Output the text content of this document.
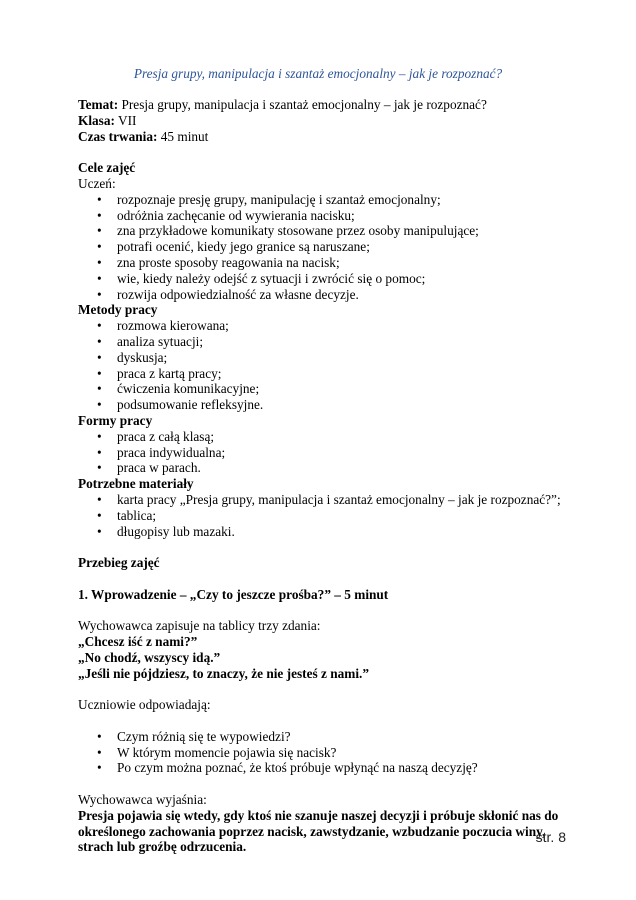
Presja grupy, manipulacja i szantaż emocjonalny – jak je rozpoznać?

Temat: Presja grupy, manipulacja i szantaż emocjonalny – jak je rozpoznać?

Klasa: VII

Czas trwania: 45 minut

Cele zajęć

Uczeń:

• rozpoznaje presję grupy, manipulację i szantaż emocjonalny;
• odróżnia zachęcanie od wywierania nacisku;
• zna przykładowe komunikaty stosowane przez osoby manipulujące;
• potrafi ocenić, kiedy jego granice są naruszane;
• zna proste sposoby reagowania na nacisk;
• wie, kiedy należy odejść z sytuacji i zwrócić się o pomoc;
• rozwija odpowiedzialność za własne decyzje.

Metody pracy

• rozmowa kierowana;
• analiza sytuacji;
• dyskusja;
• praca z kartą pracy;
• ćwiczenia komunikacyjne;
• podsumowanie refleksyjne.

Formy pracy

• praca z całą klasą;
• praca indywidualna;
• praca w parach.

Potrzebne materiały

• karta pracy „Presja grupy, manipulacja i szantaż emocjonalny – jak je rozpoznać?”;
• tablica;
• długopisy lub mazaki.

Przebieg zajęć

1. Wprowadzenie – „Czy to jeszcze prośba?” – 5 minut

Wychowawca zapisuje na tablicy trzy zdania:

„Chcesz iść z nami?”

„No chodź, wszyscy idą.”

„Jeśli nie pójdziesz, to znaczy, że nie jesteś z nami.”

Uczniowie odpowiadają:

• Czym różnią się te wypowiedzi?
• W którym momencie pojawia się nacisk?
• Po czym można poznać, że ktoś próbuje wpłynąć na naszą decyzję?

Wychowawca wyjaśnia:

Presja pojawia się wtedy, gdy ktoś nie szanuje naszej decyzji i próbuje skłonić nas do

określonego zachowania poprzez nacisk, zawstydzanie, wzbudzanie poczucia winy,

strach lub groźbę odrzucenia.

str. 8
